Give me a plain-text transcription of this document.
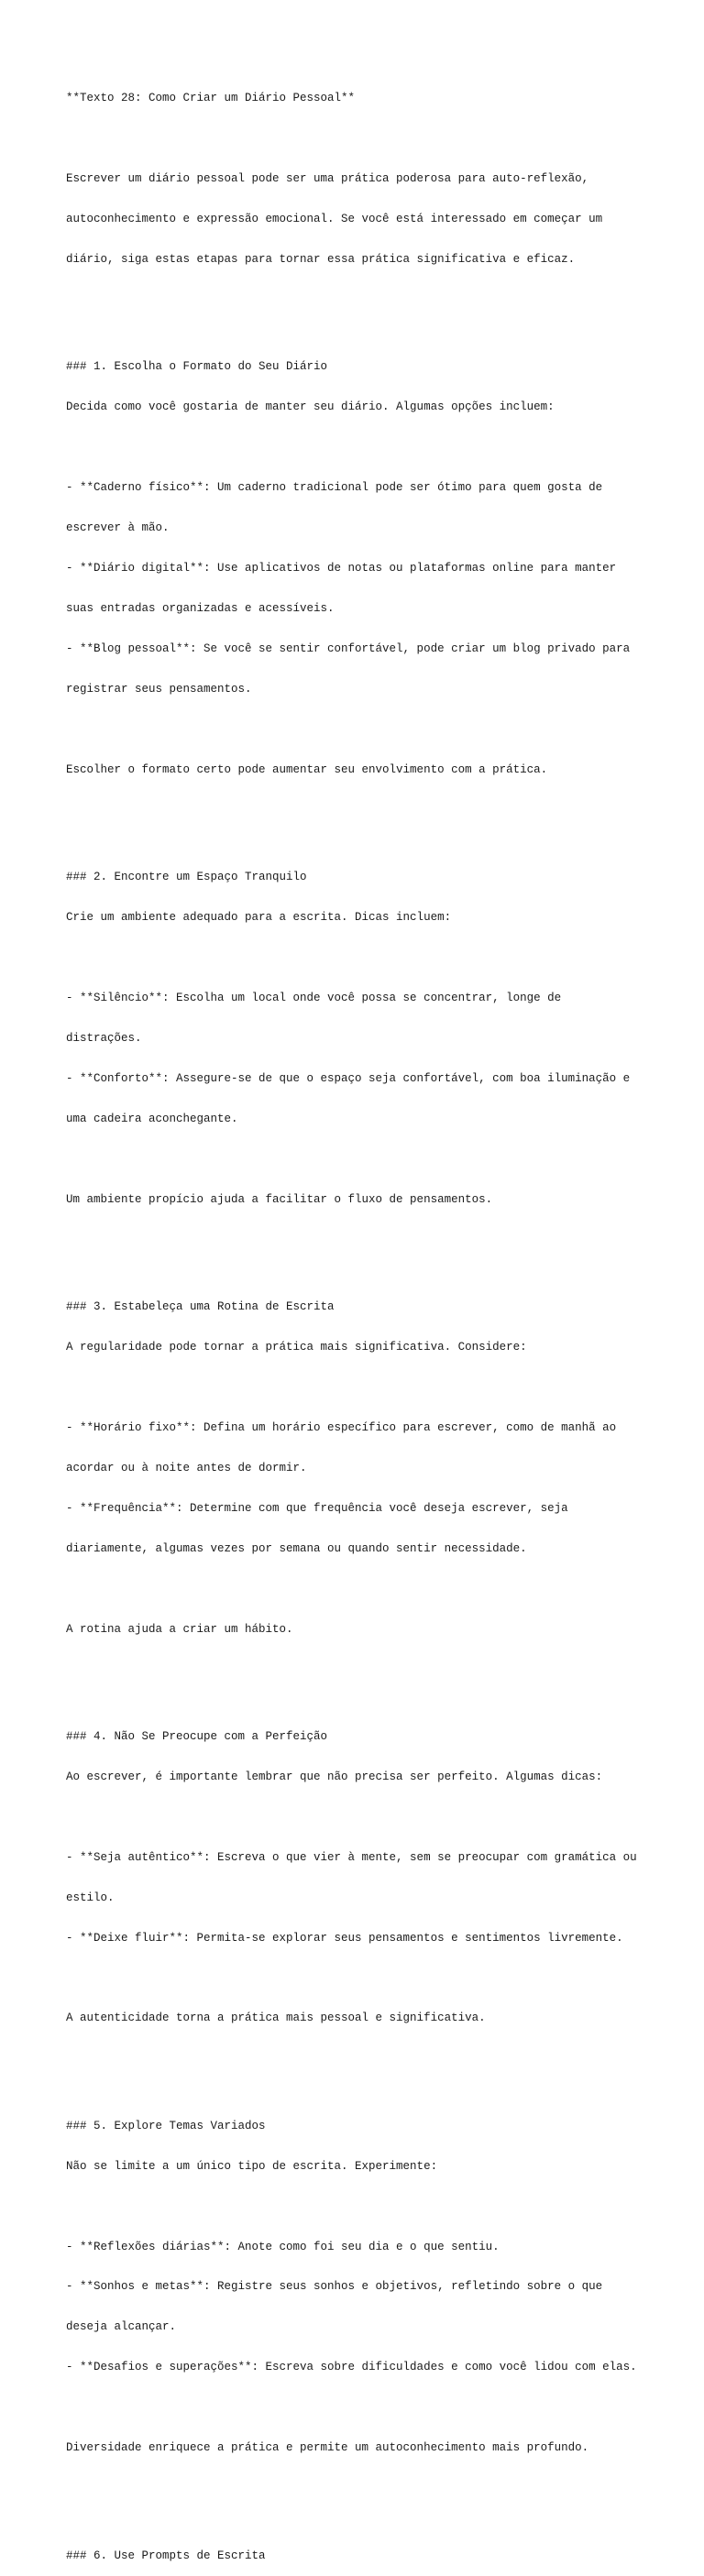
**Texto 28: Como Criar um Diário Pessoal**

Escrever um diário pessoal pode ser uma prática poderosa para auto-reflexão,

autoconhecimento e expressão emocional. Se você está interessado em começar um

diário, siga estas etapas para tornar essa prática significativa e eficaz.

### 1. Escolha o Formato do Seu Diário

Decida como você gostaria de manter seu diário. Algumas opções incluem:

- **Caderno físico**: Um caderno tradicional pode ser ótimo para quem gosta de

escrever à mão.

- **Diário digital**: Use aplicativos de notas ou plataformas online para manter

suas entradas organizadas e acessíveis.

- **Blog pessoal**: Se você se sentir confortável, pode criar um blog privado para

registrar seus pensamentos.

Escolher o formato certo pode aumentar seu envolvimento com a prática.

### 2. Encontre um Espaço Tranquilo

Crie um ambiente adequado para a escrita. Dicas incluem:

- **Silêncio**: Escolha um local onde você possa se concentrar, longe de

distrações.

- **Conforto**: Assegure-se de que o espaço seja confortável, com boa iluminação e

uma cadeira aconchegante.

Um ambiente propício ajuda a facilitar o fluxo de pensamentos.

### 3. Estabeleça uma Rotina de Escrita

A regularidade pode tornar a prática mais significativa. Considere:

- **Horário fixo**: Defina um horário específico para escrever, como de manhã ao

acordar ou à noite antes de dormir.

- **Frequência**: Determine com que frequência você deseja escrever, seja

diariamente, algumas vezes por semana ou quando sentir necessidade.

A rotina ajuda a criar um hábito.

### 4. Não Se Preocupe com a Perfeição

Ao escrever, é importante lembrar que não precisa ser perfeito. Algumas dicas:

- **Seja autêntico**: Escreva o que vier à mente, sem se preocupar com gramática ou

estilo.

- **Deixe fluir**: Permita-se explorar seus pensamentos e sentimentos livremente.

A autenticidade torna a prática mais pessoal e significativa.

### 5. Explore Temas Variados

Não se limite a um único tipo de escrita. Experimente:

- **Reflexões diárias**: Anote como foi seu dia e o que sentiu.

- **Sonhos e metas**: Registre seus sonhos e objetivos, refletindo sobre o que

deseja alcançar.

- **Desafios e superações**: Escreva sobre dificuldades e como você lidou com elas.

Diversidade enriquece a prática e permite um autoconhecimento mais profundo.

### 6. Use Prompts de Escrita
